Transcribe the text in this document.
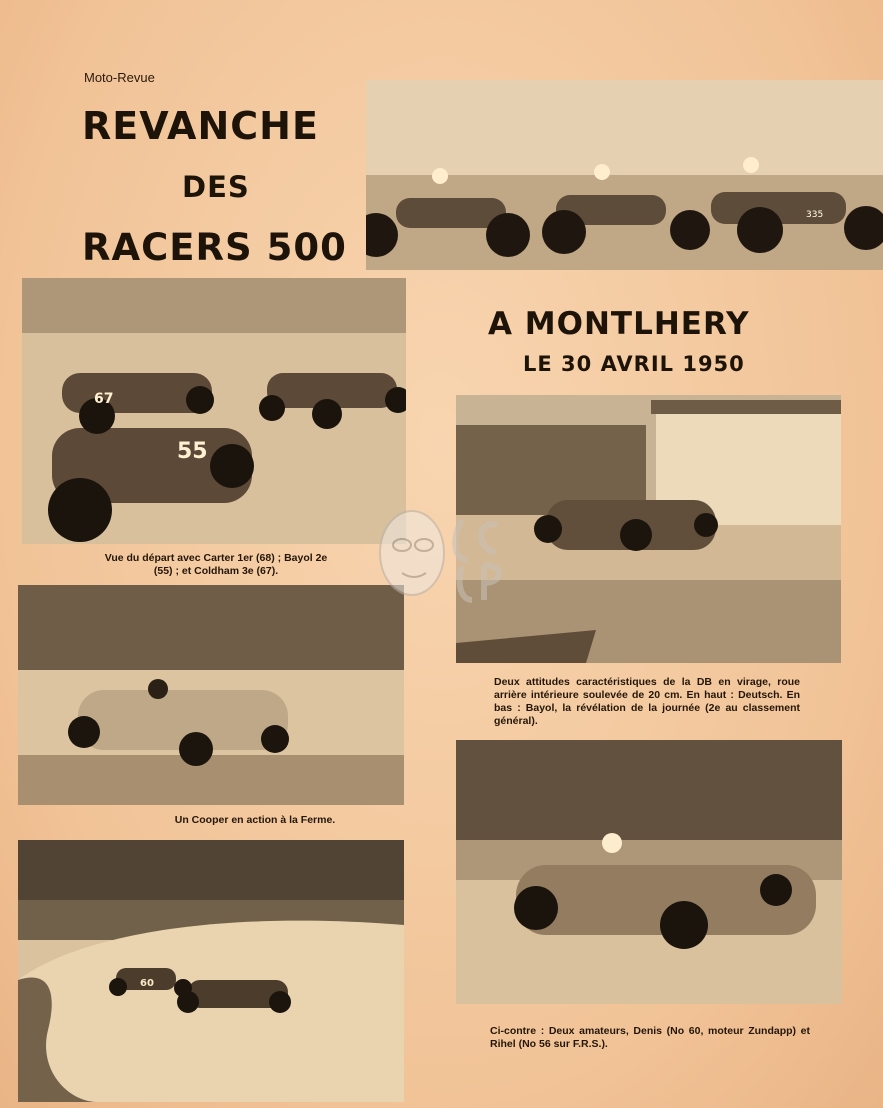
Moto-Revue
REVANCHE
DES
RACERS 500
335
67
55
Vue du départ avec Carter 1er (68) ; Bayol 2e (55) ; et Coldham 3e (67).
A MONTLHERY
LE 30 AVRIL 1950
Deux attitudes caractéristiques de la DB en virage, roue arrière intérieure soulevée de 20 cm. En haut : Deutsch. En bas : Bayol, la révélation de la journée (2e au classement général).
Un Cooper en action à la Ferme.
Ci-contre : Deux amateurs, Denis (No 60, moteur Zundapp) et Rihel (No 56 sur F.R.S.).
60
